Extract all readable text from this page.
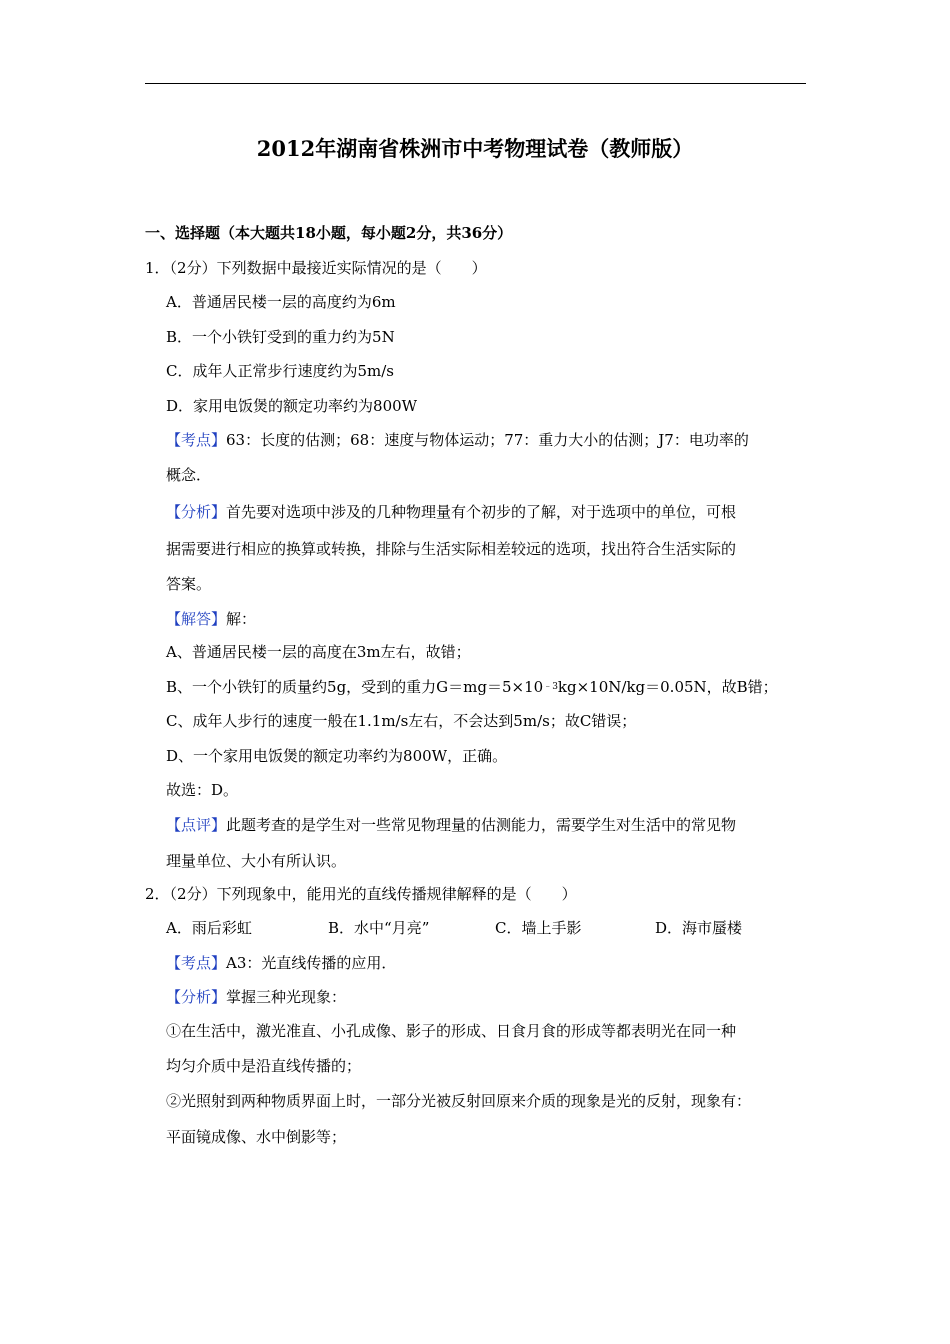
2012年湖南省株洲市中考物理试卷（教师版）
一、选择题（本大题共18小题，每小题2分，共36分）
1．（2分）下列数据中最接近实际情况的是（　　）
A．普通居民楼一层的高度约为6m
B．一个小铁钉受到的重力约为5N
C．成年人正常步行速度约为5m/s
D．家用电饭煲的额定功率约为800W
【考点】63：长度的估测；68：速度与物体运动；77：重力大小的估测；J7：电功率的
概念．
【分析】首先要对选项中涉及的几种物理量有个初步的了解，对于选项中的单位，可根
据需要进行相应的换算或转换，排除与生活实际相差较远的选项，找出符合生活实际的
答案。
【解答】解：
A、普通居民楼一层的高度在3m左右，故错；
B、一个小铁钉的质量约5g，受到的重力$G=mg=5\times 10^{﹣3}kg\times 10N/kg=0.05N$，故B错；
C、成年人步行的速度一般在1.1m/s左右，不会达到5m/s；故C错误；
D、一个家用电饭煲的额定功率约为800W，正确。
故选：D。
【点评】此题考查的是学生对一些常见物理量的估测能力，需要学生对生活中的常见物
理量单位、大小有所认识。
2．（2分）下列现象中，能用光的直线传播规律解释的是（　　）
A．雨后彩虹	B．水中“月亮”	C．墙上手影	D．海市蜃楼
【考点】A3：光直线传播的应用．
【分析】掌握三种光现象：
①在生活中，激光准直、小孔成像、影子的形成、日食月食的形成等都表明光在同一种
均匀介质中是沿直线传播的；
②光照射到两种物质界面上时，一部分光被反射回原来介质的现象是光的反射，现象有：
平面镜成像、水中倒影等；
